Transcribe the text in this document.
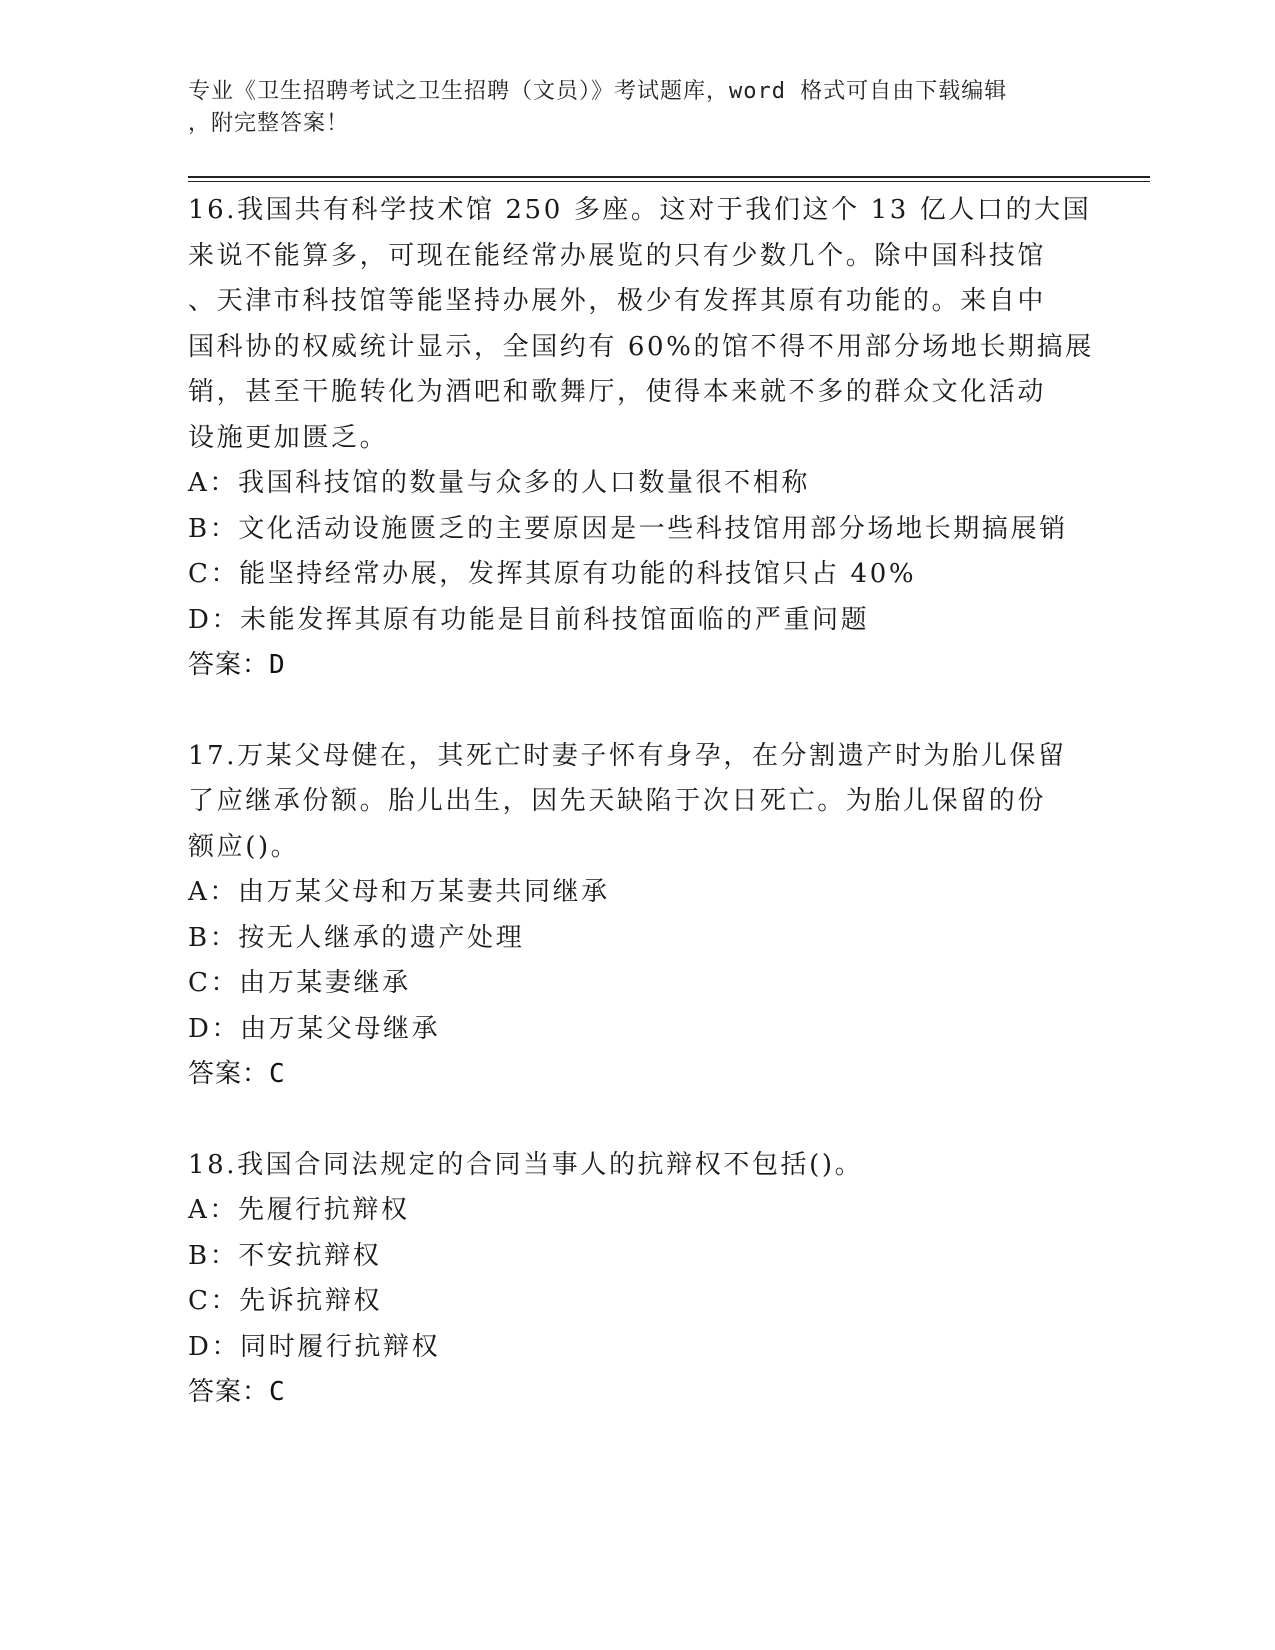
专业《卫生招聘考试之卫生招聘（文员）》考试题库，word 格式可自由下载编辑
，附完整答案！
16.我国共有科学技术馆 250 多座。这对于我们这个 13 亿人口的大国
来说不能算多，可现在能经常办展览的只有少数几个。除中国科技馆
、天津市科技馆等能坚持办展外，极少有发挥其原有功能的。来自中
国科协的权威统计显示，全国约有 60%的馆不得不用部分场地长期搞展
销，甚至干脆转化为酒吧和歌舞厅，使得本来就不多的群众文化活动
设施更加匮乏。
A：我国科技馆的数量与众多的人口数量很不相称
B：文化活动设施匮乏的主要原因是一些科技馆用部分场地长期搞展销
C：能坚持经常办展，发挥其原有功能的科技馆只占 40%
D：未能发挥其原有功能是目前科技馆面临的严重问题
答案：D
17.万某父母健在，其死亡时妻子怀有身孕，在分割遗产时为胎儿保留
了应继承份额。胎儿出生，因先天缺陷于次日死亡。为胎儿保留的份
额应()。
A：由万某父母和万某妻共同继承
B：按无人继承的遗产处理
C：由万某妻继承
D：由万某父母继承
答案：C
18.我国合同法规定的合同当事人的抗辩权不包括()。
A：先履行抗辩权
B：不安抗辩权
C：先诉抗辩权
D：同时履行抗辩权
答案：C
